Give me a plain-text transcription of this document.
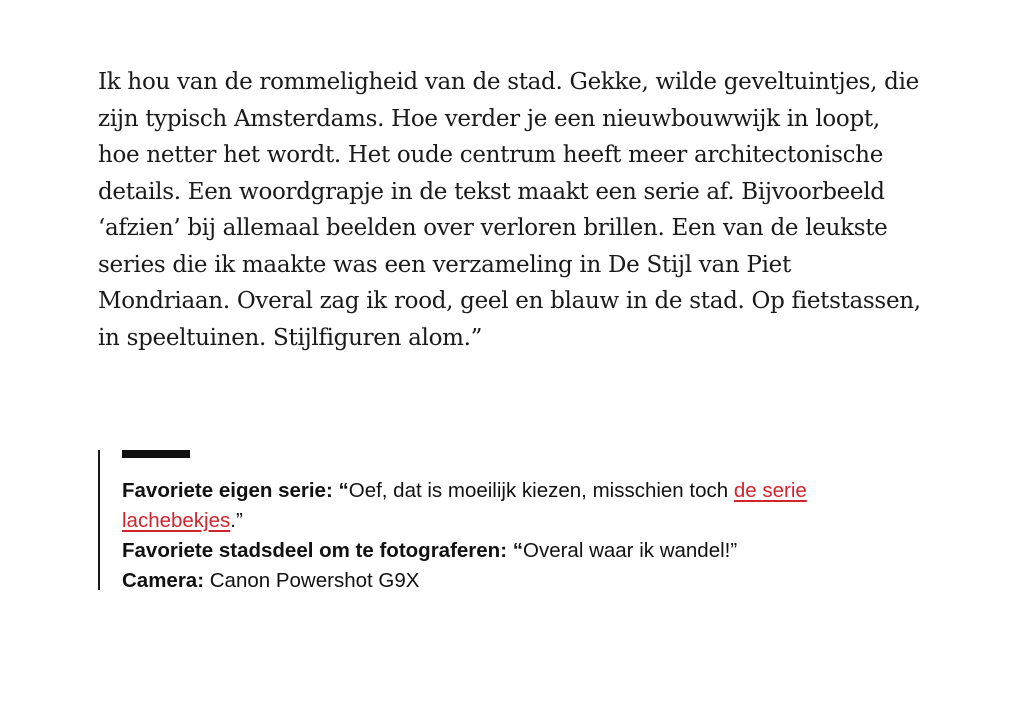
Ik hou van de rommeligheid van de stad. Gekke, wilde geveltuintjes, die zijn typisch Amsterdams. Hoe verder je een nieuwbouwwijk in loopt, hoe netter het wordt. Het oude centrum heeft meer architectonische details. Een woordgrapje in de tekst maakt een serie af. Bijvoorbeeld ‘afzien’ bij allemaal beelden over verloren brillen. Een van de leukste series die ik maakte was een verzameling in De Stijl van Piet Mondriaan. Overal zag ik rood, geel en blauw in de stad. Op fietstassen, in speeltuinen. Stijlfiguren alom.”

Favoriete eigen serie: “Oef, dat is moeilijk kiezen, misschien toch de serie lachebekjes.”

Favoriete stadsdeel om te fotograferen: “Overal waar ik wandel!”

Camera: Canon Powershot G9X
